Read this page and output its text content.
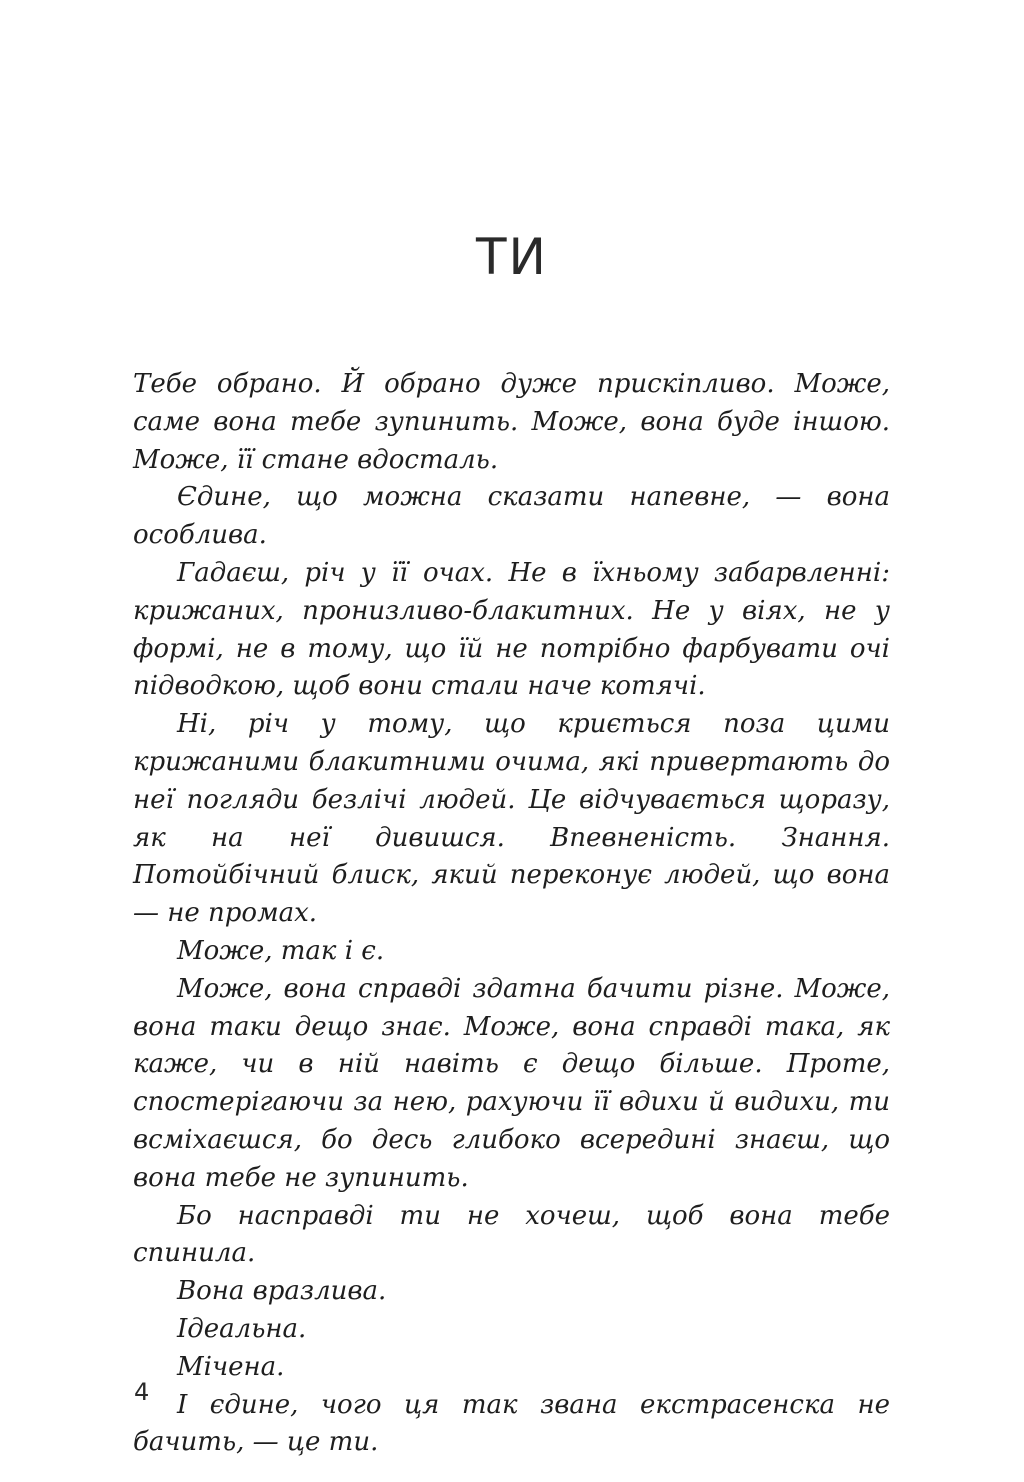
ТИ

Тебе обрано. Й обрано дуже прискіпливо. Може, саме вона тебе зупинить. Може, вона буде іншою. Може, її стане вдосталь.

Єдине, що можна сказати напевне, — вона особлива.

Гадаєш, річ у її очах. Не в їхньому забарвленні: крижаних, пронизливо-блакитних. Не у віях, не у формі, не в тому, що їй не потрібно фарбувати очі підводкою, щоб вони стали наче котячі.

Ні, річ у тому, що криється поза цими крижаними блакитними очима, які привертають до неї погляди безлічі людей. Це відчувається щоразу, як на неї дивишся. Впевненість. Знання. Потойбічний блиск, який переконує людей, що вона — не промах.

Може, так і є.

Може, вона справді здатна бачити різне. Може, вона таки дещо знає. Може, вона справді така, як каже, чи в ній навіть є дещо більше. Проте, спостерігаючи за нею, рахуючи її вдихи й видихи, ти всміхаєшся, бо десь глибоко всередині знаєш, що вона тебе не зупинить.

Бо насправді ти не хочеш, щоб вона тебе спинила.

Вона вразлива.

Ідеальна.

Мічена.

І єдине, чого ця так звана екстрасенска не бачить, — це ти.

4
